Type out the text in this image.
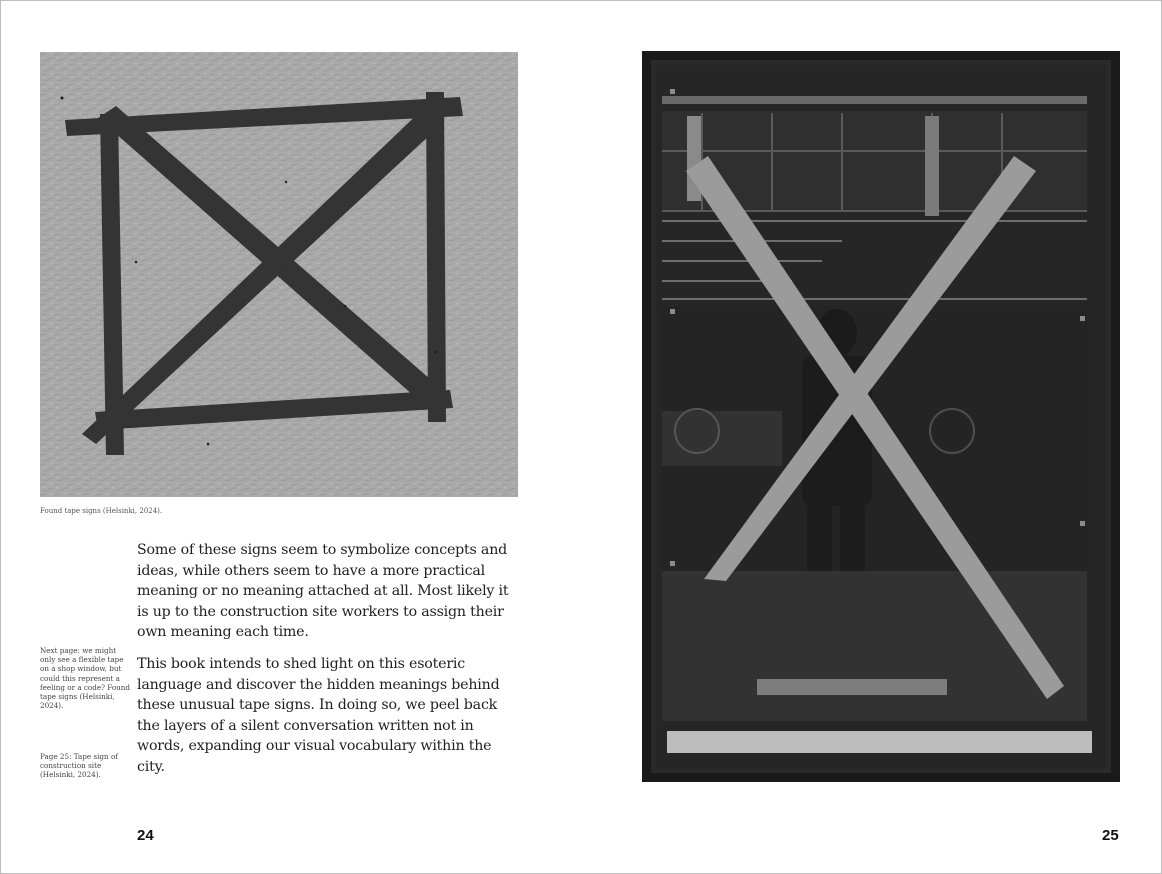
Found tape signs (Helsinki, 2024).

Some of these signs seem to symbolize concepts and ideas, while others seem to have a more practical meaning or no meaning attached at all. Most likely it is up to the construction site workers to assign their own meaning each time.

This book intends to shed light on this esoteric language and discover the hidden meanings behind these unusual tape signs. In doing so, we peel back the layers of a silent conversation written not in words, expanding our visual vocabulary within the city.

Next page: we might only see a flexible tape on a shop window, but could this represent a feeling or a code? Found tape signs (Helsinki, 2024).
Page 25: Tape sign of construction site (Helsinki, 2024).
24	25
